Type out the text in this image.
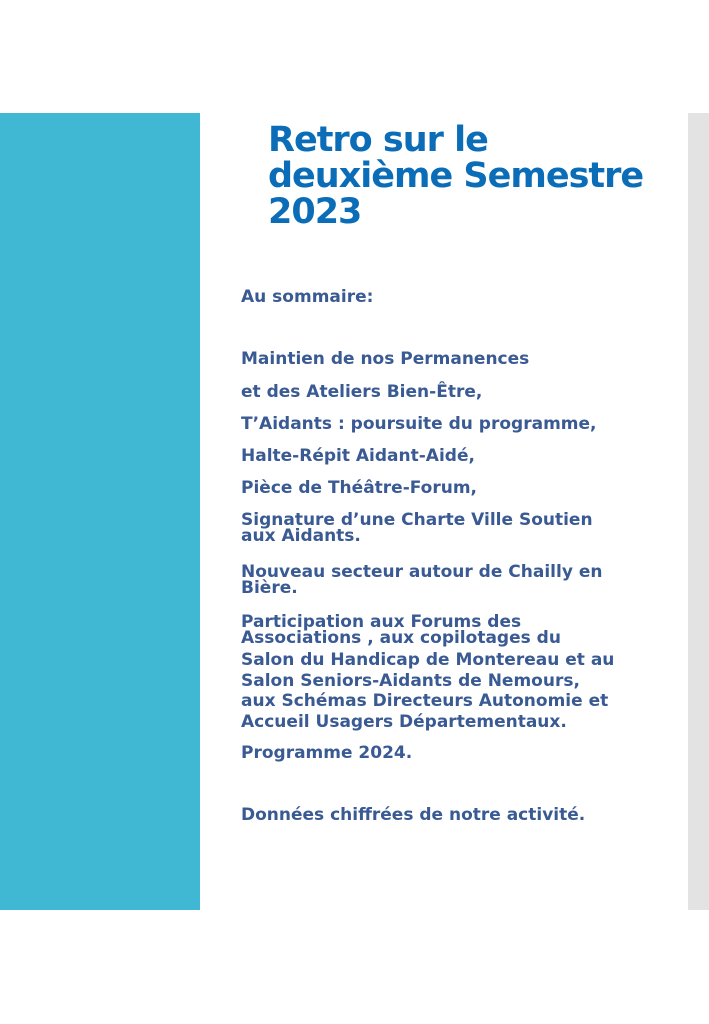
Retro sur le
deuxième Semestre
2023
Au sommaire:
Maintien de nos Permanences
et des Ateliers Bien-Être,
T’Aidants : poursuite du programme,
Halte-Répit Aidant-Aidé,
Pièce de Théâtre-Forum,
Signature d’une Charte Ville Soutien
aux Aidants.
Nouveau secteur autour de Chailly en
Bière.
Participation aux Forums des
Associations , aux copilotages du
Salon du Handicap de Montereau et au
Salon Seniors-Aidants de Nemours,
aux Schémas Directeurs Autonomie et
Accueil Usagers Départementaux.
Programme 2024.
Données chiffrées de notre activité.
